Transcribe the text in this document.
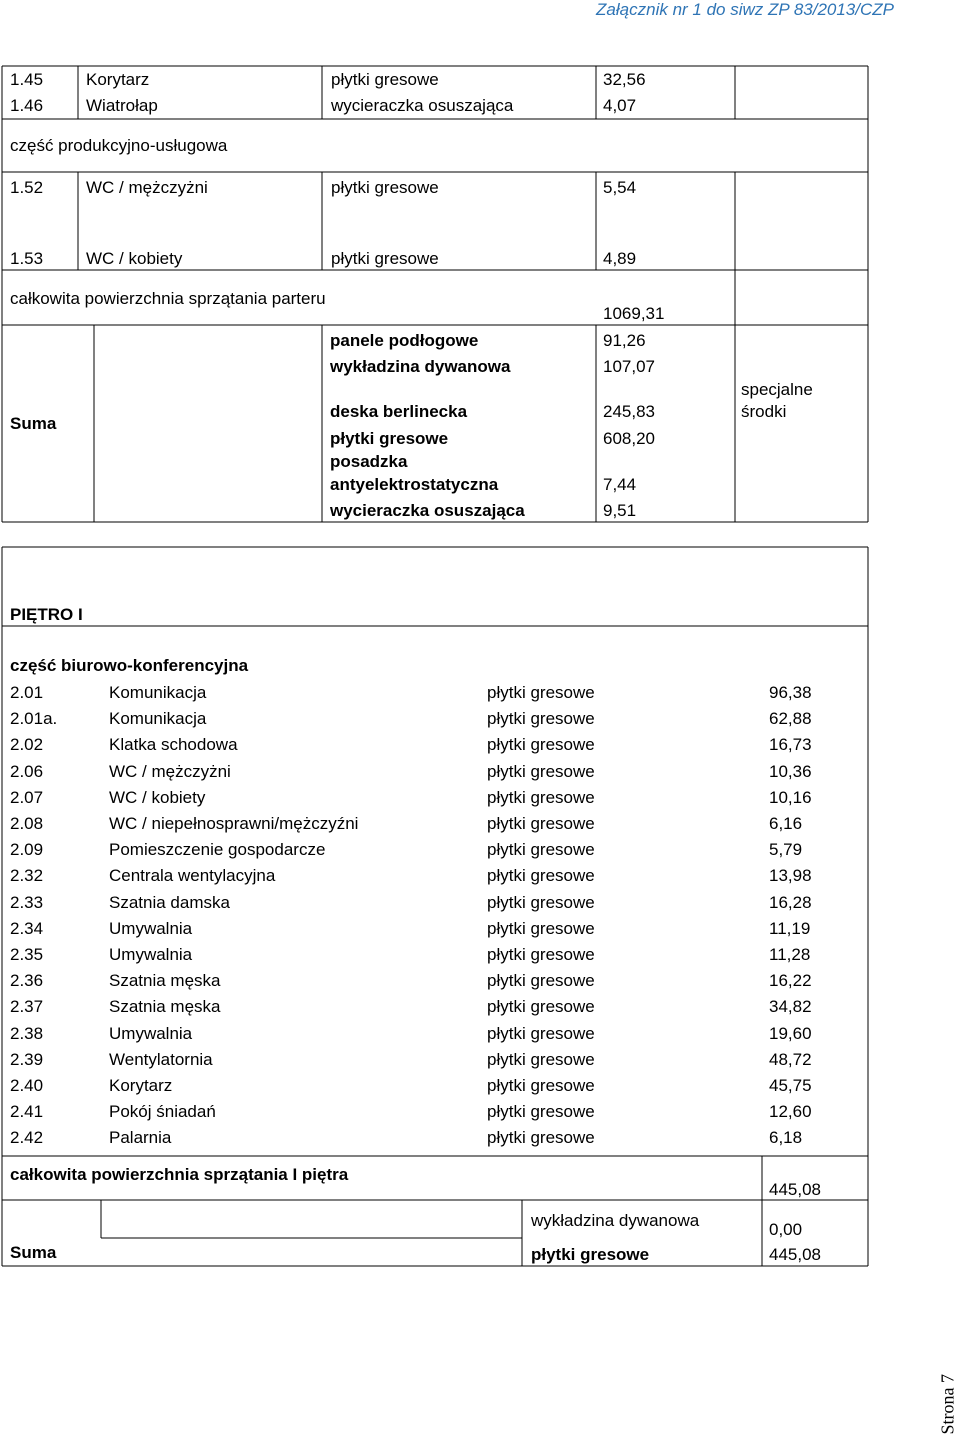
Załącznik nr 1 do siwz ZP 83/2013/CZP
1.45	Korytarz	płytki gresowe	32,56
1.46	Wiatrołap	wycieraczka osuszająca	4,07
część produkcyjno-usługowa
1.52	WC / mężczyżni	płytki gresowe	5,54
1.53	WC / kobiety	płytki gresowe	4,89
całkowita powierzchnia sprzątania parteru
1069,31
Suma
panele podłogowe	91,26
wykładzina dywanowa	107,07
deska berlinecka	245,83
płytki gresowe	608,20
posadzka
antyelektrostatyczna	7,44
wycieraczka osuszająca	9,51
specjalne
środki
PIĘTRO I
część biurowo-konferencyjna
2.01	Komunikacja	płytki gresowe	96,38
2.01a.	Komunikacja	płytki gresowe	62,88
2.02	Klatka schodowa	płytki gresowe	16,73
2.06	WC / mężczyżni	płytki gresowe	10,36
2.07	WC / kobiety	płytki gresowe	10,16
2.08	WC / niepełnosprawni/mężczyźni	płytki gresowe	6,16
2.09	Pomieszczenie gospodarcze	płytki gresowe	5,79
2.32	Centrala wentylacyjna	płytki gresowe	13,98
2.33	Szatnia damska	płytki gresowe	16,28
2.34	Umywalnia	płytki gresowe	11,19
2.35	Umywalnia	płytki gresowe	11,28
2.36	Szatnia męska	płytki gresowe	16,22
2.37	Szatnia męska	płytki gresowe	34,82
2.38	Umywalnia	płytki gresowe	19,60
2.39	Wentylatornia	płytki gresowe	48,72
2.40	Korytarz	płytki gresowe	45,75
2.41	Pokój śniadań	płytki gresowe	12,60
2.42	Palarnia	płytki gresowe	6,18
całkowita powierzchnia sprzątania I piętra
445,08
Suma
wykładzina dywanowa	0,00
płytki gresowe	445,08
Strona 7
